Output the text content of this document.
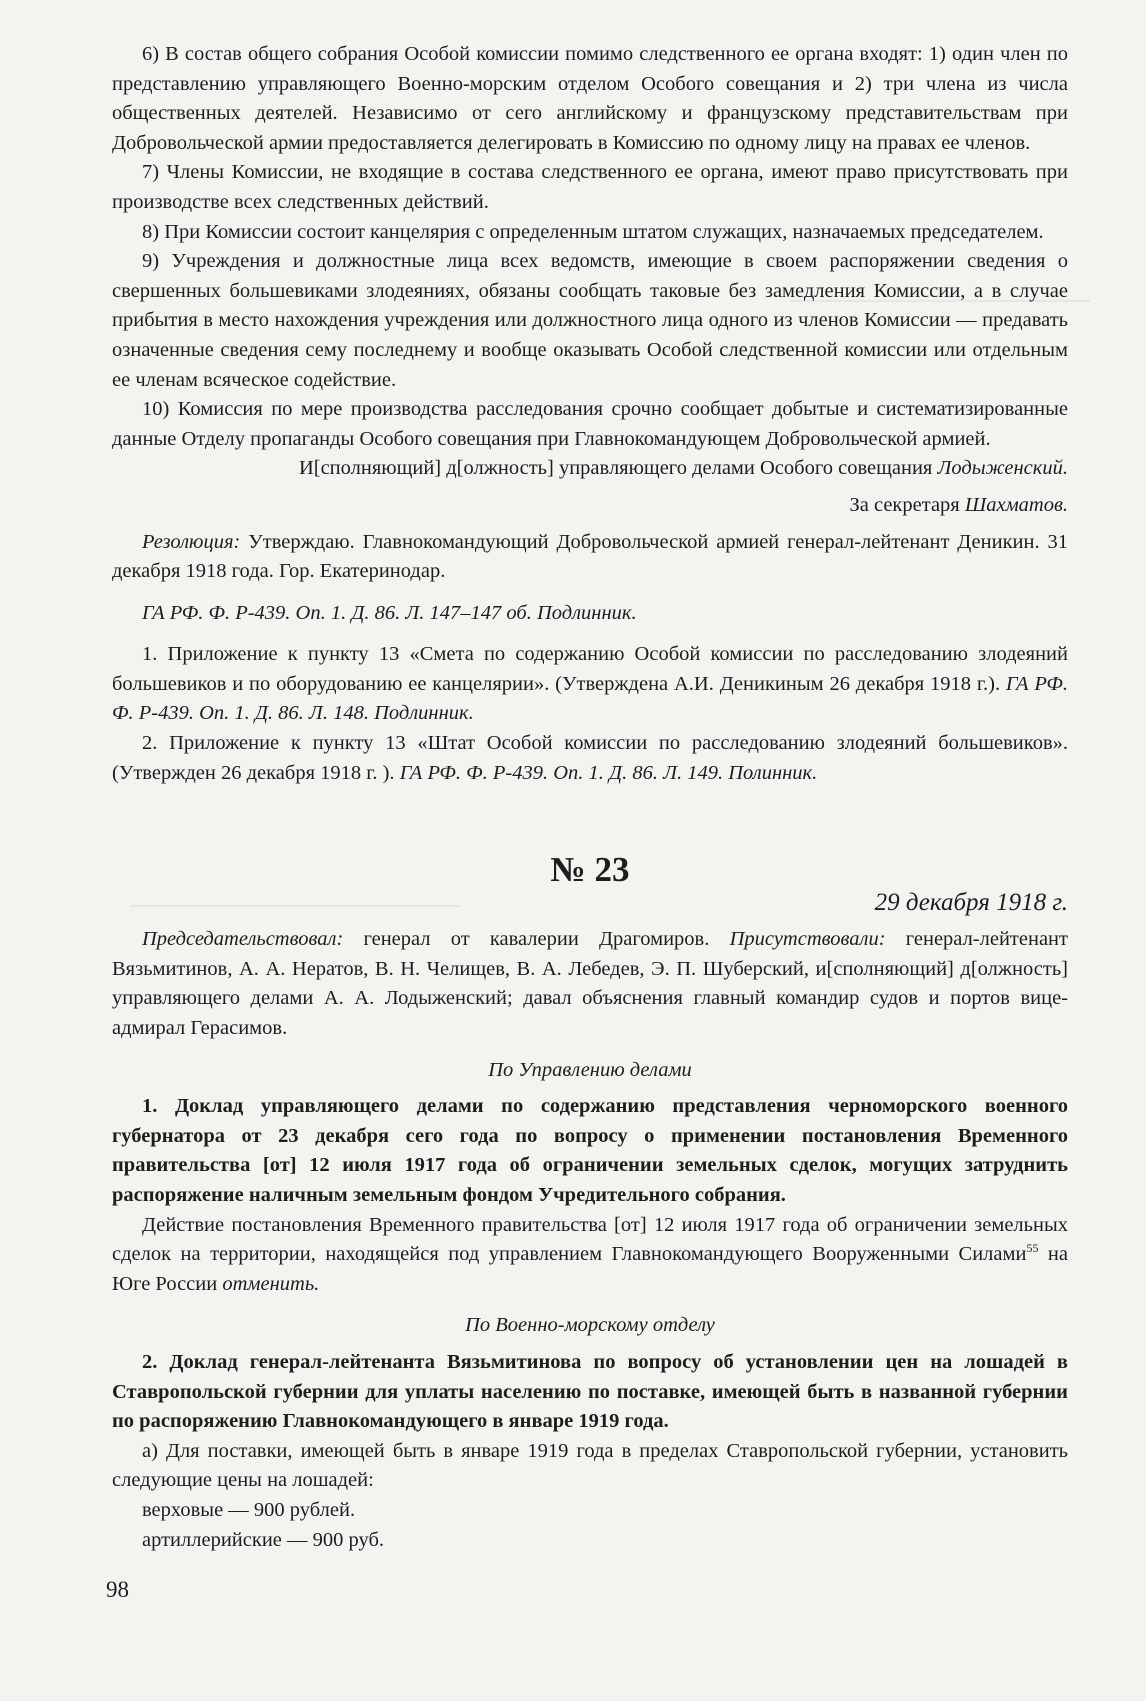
6) В состав общего собрания Особой комиссии помимо следственного ее органа входят: 1) один член по представлению управляющего Военно-морским отделом Особого совещания и 2) три члена из числа общественных деятелей. Независимо от сего английскому и французскому представительствам при Добровольческой армии предоставляется делегировать в Комиссию по одному лицу на правах ее членов.

7) Члены Комиссии, не входящие в состава следственного ее органа, имеют право присутствовать при производстве всех следственных действий.

8) При Комиссии состоит канцелярия с определенным штатом служащих, назначаемых председателем.

9) Учреждения и должностные лица всех ведомств, имеющие в своем распоряжении сведения о свершенных большевиками злодеяниях, обязаны сообщать таковые без замедления Комиссии, а в случае прибытия в место нахождения учреждения или должностного лица одного из членов Комиссии — предавать означенные сведения сему последнему и вообще оказывать Особой следственной комиссии или отдельным ее членам всяческое содействие.

10) Комиссия по мере производства расследования срочно сообщает добытые и систематизированные данные Отделу пропаганды Особого совещания при Главнокомандующем Добровольческой армией.

И[сполняющий] д[олжность] управляющего делами Особого совещания Лодыженский.

За секретаря Шахматов.

Резолюция: Утверждаю. Главнокомандующий Добровольческой армией генерал-лейтенант Деникин. 31 декабря 1918 года. Гор. Екатеринодар.

ГА РФ. Ф. Р-439. Оп. 1. Д. 86. Л. 147–147 об. Подлинник.

1. Приложение к пункту 13 «Смета по содержанию Особой комиссии по расследованию злодеяний большевиков и по оборудованию ее канцелярии». (Утверждена А.И. Деникиным 26 декабря 1918 г.). ГА РФ. Ф. Р-439. Оп. 1. Д. 86. Л. 148. Подлинник.

2. Приложение к пункту 13 «Штат Особой комиссии по расследованию злодеяний большевиков». (Утвержден 26 декабря 1918 г. ). ГА РФ. Ф. Р-439. Оп. 1. Д. 86. Л. 149. Полинник.

№ 23
29 декабря 1918 г.

Председательствовал: генерал от кавалерии Драгомиров. Присутствовали: генерал-лейтенант Вязьмитинов, А. А. Нератов, В. Н. Челищев, В. А. Лебедев, Э. П. Шуберский, и[сполняющий] д[олжность] управляющего делами А. А. Лодыженский; давал объяснения главный командир судов и портов вице-адмирал Герасимов.

По Управлению делами

1. Доклад управляющего делами по содержанию представления черноморского военного губернатора от 23 декабря сего года по вопросу о применении постановления Временного правительства [от] 12 июля 1917 года об ограничении земельных сделок, могущих затруднить распоряжение наличным земельным фондом Учредительного собрания.

Действие постановления Временного правительства [от] 12 июля 1917 года об ограничении земельных сделок на территории, находящейся под управлением Главнокомандующего Вооруженными Силами$^{55}$ на Юге России отменить.

По Военно-морскому отделу

2. Доклад генерал-лейтенанта Вязьмитинова по вопросу об установлении цен на лошадей в Ставропольской губернии для уплаты населению по поставке, имеющей быть в названной губернии по распоряжению Главнокомандующего в январе 1919 года.

а) Для поставки, имеющей быть в январе 1919 года в пределах Ставропольской губернии, установить следующие цены на лошадей:

верховые — 900 рублей.

артиллерийские — 900 руб.

98
